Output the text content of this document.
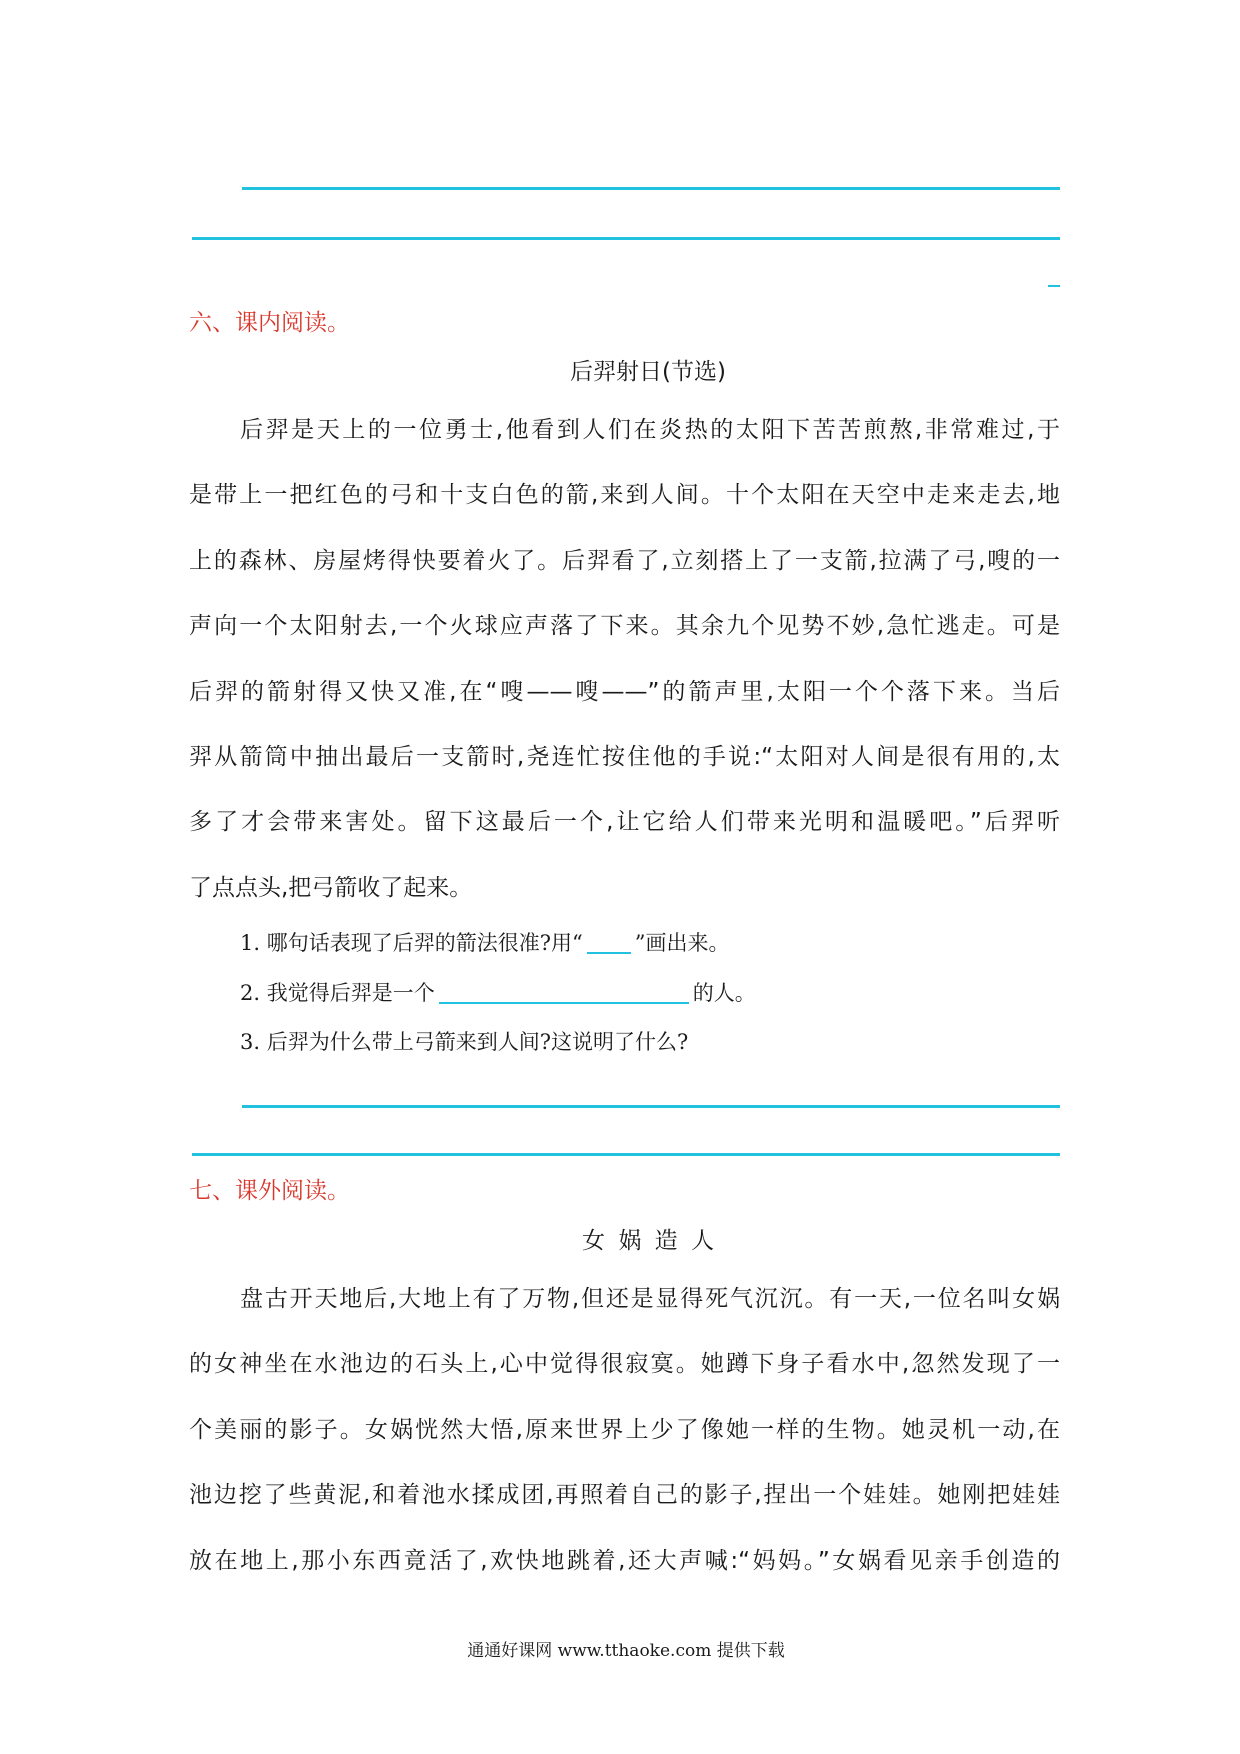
六、课内阅读。
后羿射日(节选)
后羿是天上的一位勇士,他看到人们在炎热的太阳下苦苦煎熬,非常难过,于
是带上一把红色的弓和十支白色的箭,来到人间。十个太阳在天空中走来走去,地
上的森林、房屋烤得快要着火了。后羿看了,立刻搭上了一支箭,拉满了弓,嗖的一
声向一个太阳射去,一个火球应声落了下来。其余九个见势不妙,急忙逃走。可是
后羿的箭射得又快又准,在“嗖——嗖——”的箭声里,太阳一个个落下来。当后
羿从箭筒中抽出最后一支箭时,尧连忙按住他的手说:“太阳对人间是很有用的,太
多了才会带来害处。留下这最后一个,让它给人们带来光明和温暖吧。”后羿听
了点点头,把弓箭收了起来。
1. 哪句话表现了后羿的箭法很准?用“ ”画出来。
2. 我觉得后羿是一个	的人。
3. 后羿为什么带上弓箭来到人间?这说明了什么?
七、课外阅读。
女 娲 造 人
盘古开天地后,大地上有了万物,但还是显得死气沉沉。有一天,一位名叫女娲
的女神坐在水池边的石头上,心中觉得很寂寞。她蹲下身子看水中,忽然发现了一
个美丽的影子。女娲恍然大悟,原来世界上少了像她一样的生物。她灵机一动,在
池边挖了些黄泥,和着池水揉成团,再照着自己的影子,捏出一个娃娃。她刚把娃娃
放在地上,那小东西竟活了,欢快地跳着,还大声喊:“妈妈。”女娲看见亲手创造的
通通好课网 www.tthaoke.com 提供下载
